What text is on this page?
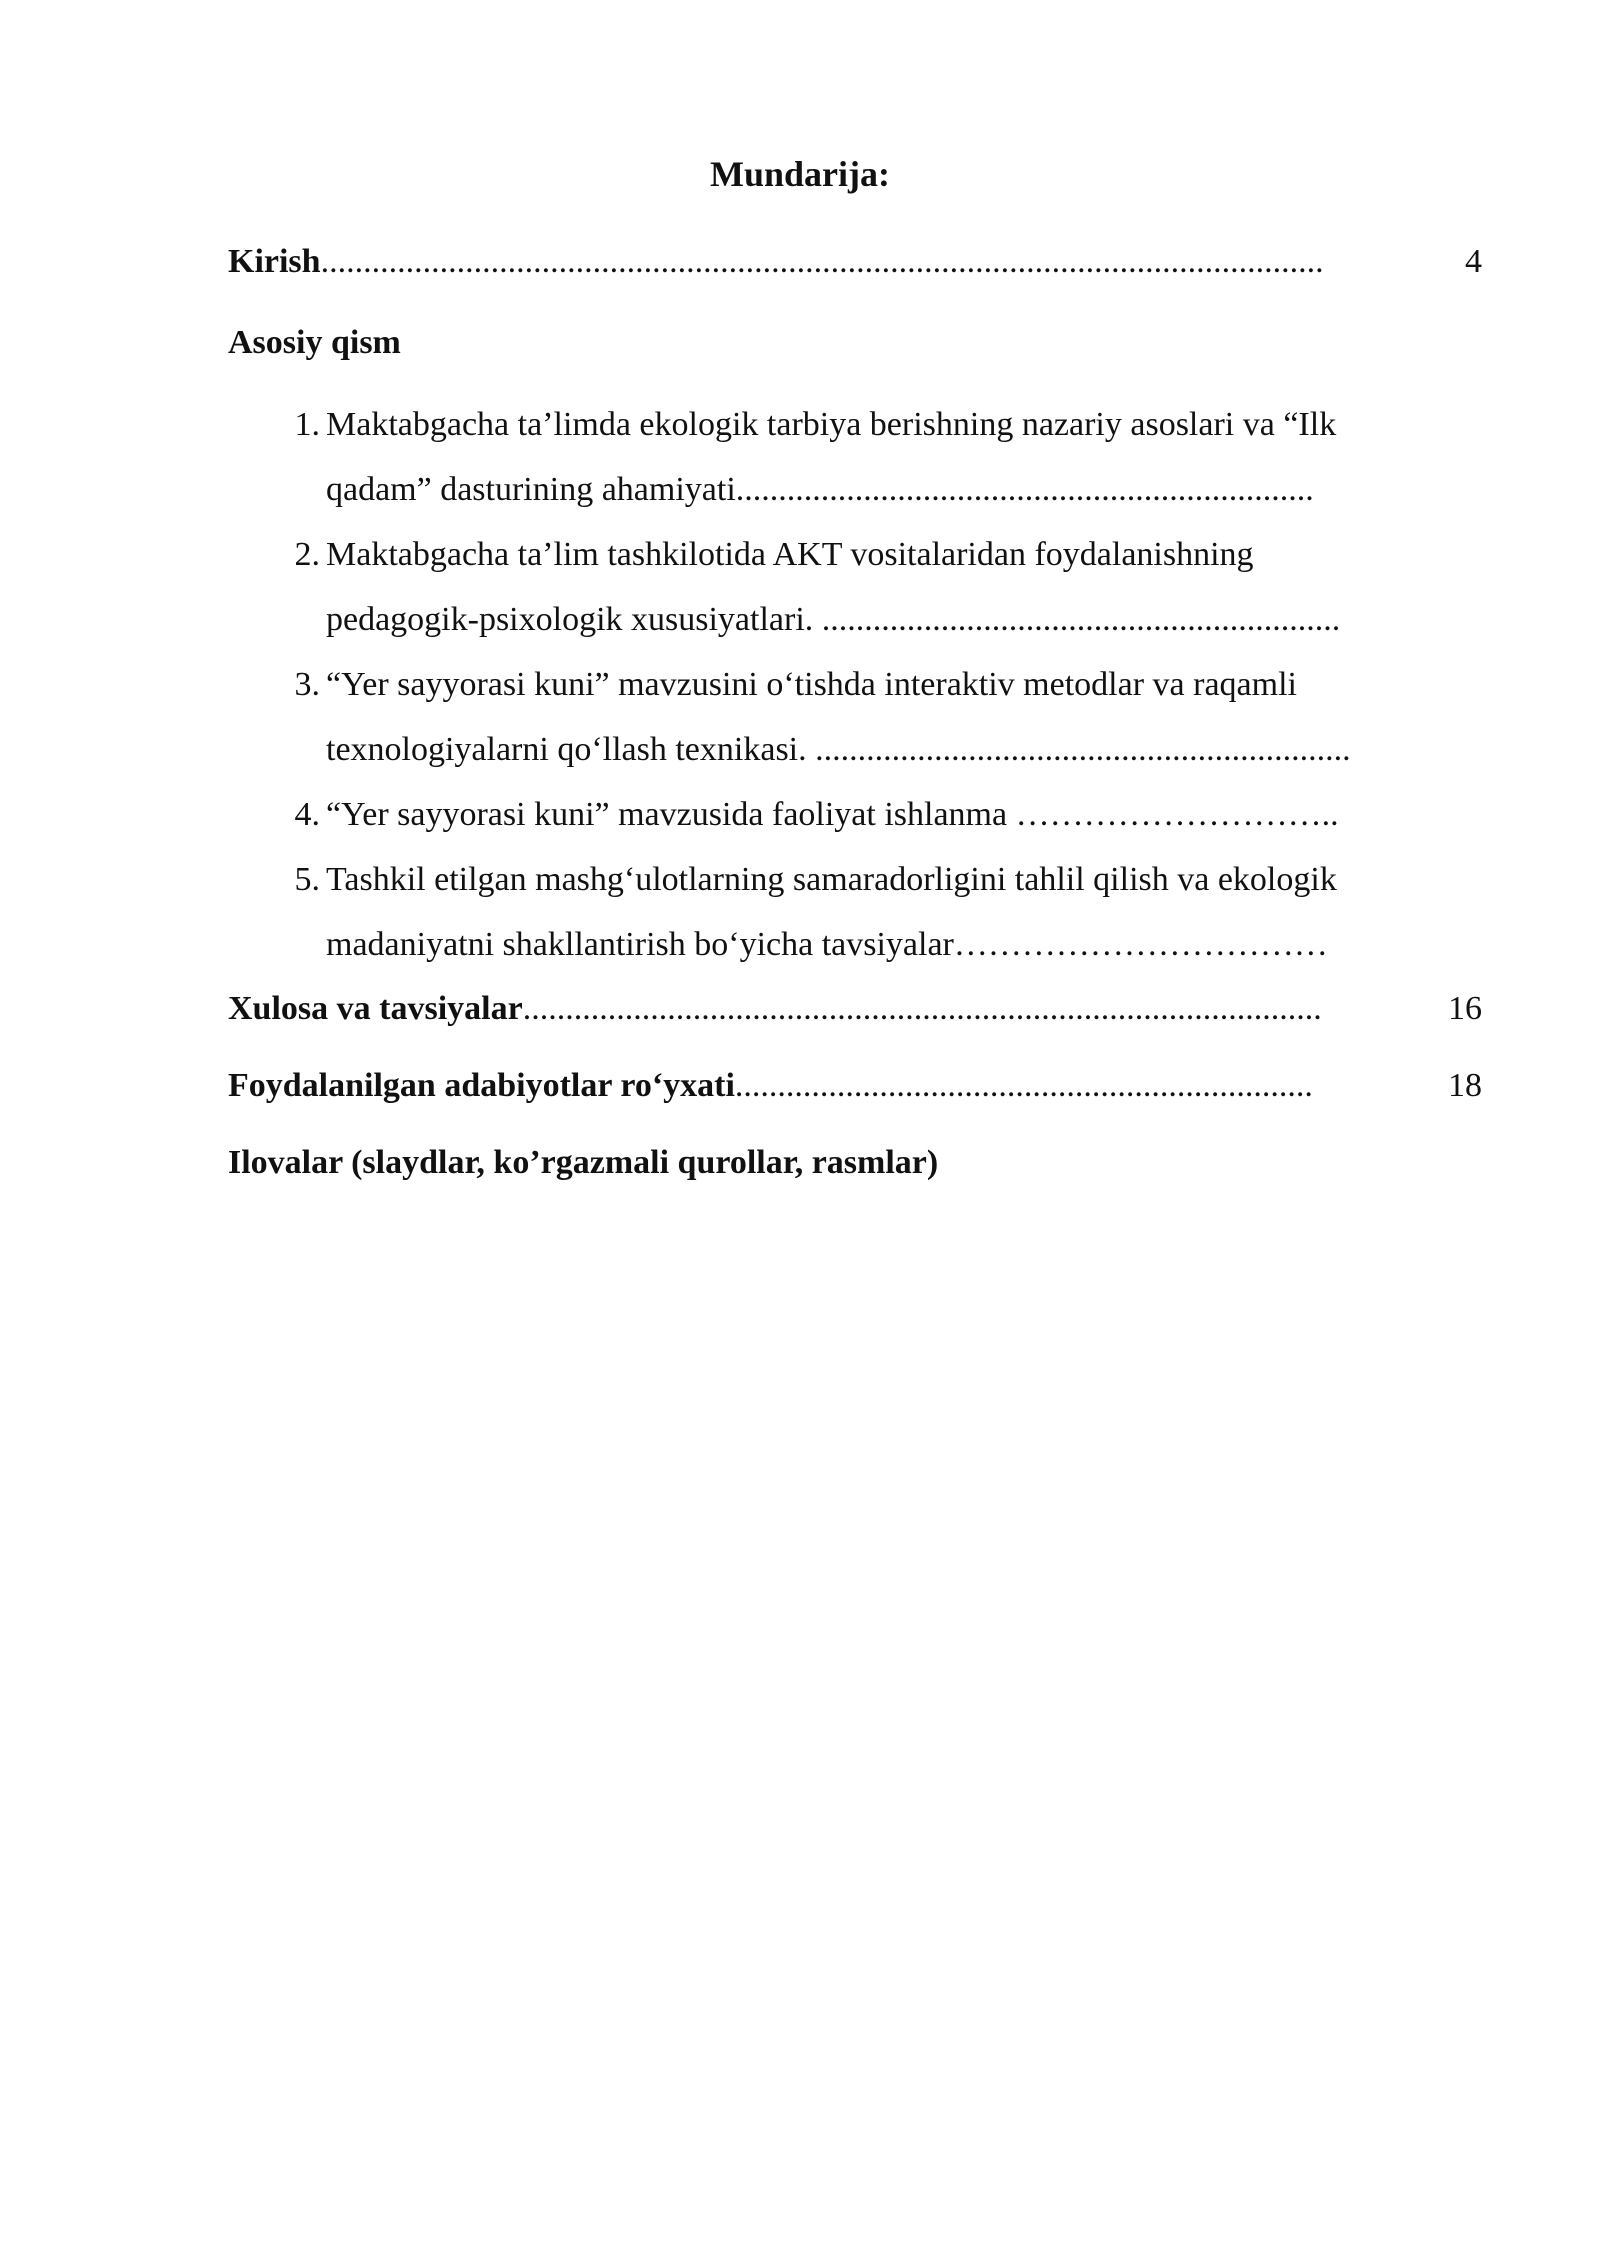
Mundarija:
Kirish......................................................................................................................	4
Asosiy qism
1. Maktabgacha ta’limda ekologik tarbiya berishning nazariy asoslari va “Ilk
qadam” dasturining ahamiyati....................................................................
2. Maktabgacha ta’lim tashkilotida AKT vositalaridan foydalanishning
pedagogik-psixologik xususiyatlari. .............................................................
3. “Yer sayyorasi kuni” mavzusini o‘tishda interaktiv metodlar va raqamli
texnologiyalarni qo‘llash texnikasi. ...............................................................
4. “Yer sayyorasi kuni” mavzusida faoliyat ishlanma ………………………..
5. Tashkil etilgan mashg‘ulotlarning samaradorligini tahlil qilish va ekologik
madaniyatni shakllantirish bo‘yicha tavsiyalar……………………………
Xulosa va tavsiyalar..............................................................................................	16
Foydalanilgan adabiyotlar ro‘yxati....................................................................	18
Ilovalar (slaydlar, ko’rgazmali qurollar, rasmlar)
